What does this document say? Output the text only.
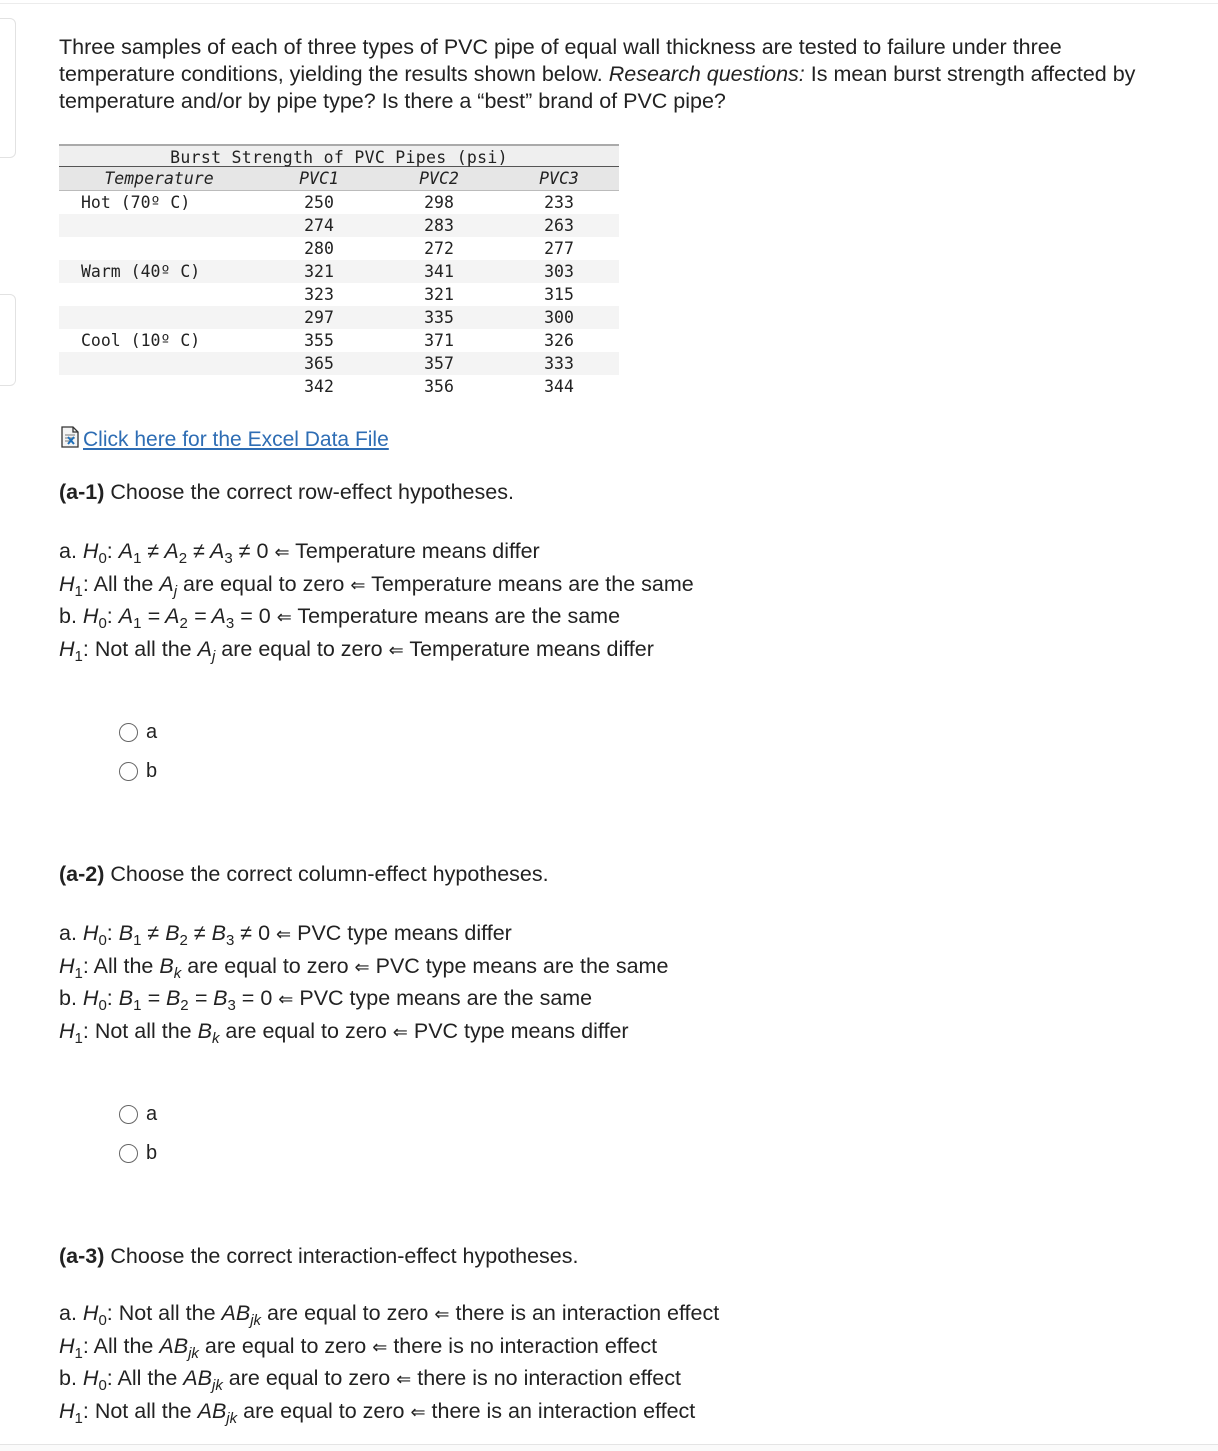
Three samples of each of three types of PVC pipe of equal wall thickness are tested to failure under three temperature conditions, yielding the results shown below. Research questions: Is mean burst strength affected by temperature and/or by pipe type? Is there a “best” brand of PVC pipe?

Burst Strength of PVC Pipes (psi)
Temperature	PVC1	PVC2	PVC3
Hot (70º C)	250	298	233
	274	283	263
	280	272	277
Warm (40º C)	321	341	303
	323	321	315
	297	335	300
Cool (10º C)	355	371	326
	365	357	333
	342	356	344
Click here for the Excel Data File
(a-1) Choose the correct row-effect hypotheses.
a. $H_0$: $A_1 \ne A_2 \ne A_3 \ne 0$ ⇐ Temperature means differ
$H_1$: All the $A_j$ are equal to zero ⇐ Temperature means are the same
b. $H_0$: $A_1 = A_2 = A_3 = 0$ ⇐ Temperature means are the same
$H_1$: Not all the $A_j$ are equal to zero ⇐ Temperature means differ
a
b
(a-2) Choose the correct column-effect hypotheses.
a. $H_0$: $B_1 \ne B_2 \ne B_3 \ne 0$ ⇐ PVC type means differ
$H_1$: All the $B_k$ are equal to zero ⇐ PVC type means are the same
b. $H_0$: $B_1 = B_2 = B_3 = 0$ ⇐ PVC type means are the same
$H_1$: Not all the $B_k$ are equal to zero ⇐ PVC type means differ
a
b
(a-3) Choose the correct interaction-effect hypotheses.
a. $H_0$: Not all the $AB_{jk}$ are equal to zero ⇐ there is an interaction effect
$H_1$: All the $AB_{jk}$ are equal to zero ⇐ there is no interaction effect
b. $H_0$: All the $AB_{jk}$ are equal to zero ⇐ there is no interaction effect
$H_1$: Not all the $AB_{jk}$ are equal to zero ⇐ there is an interaction effect
